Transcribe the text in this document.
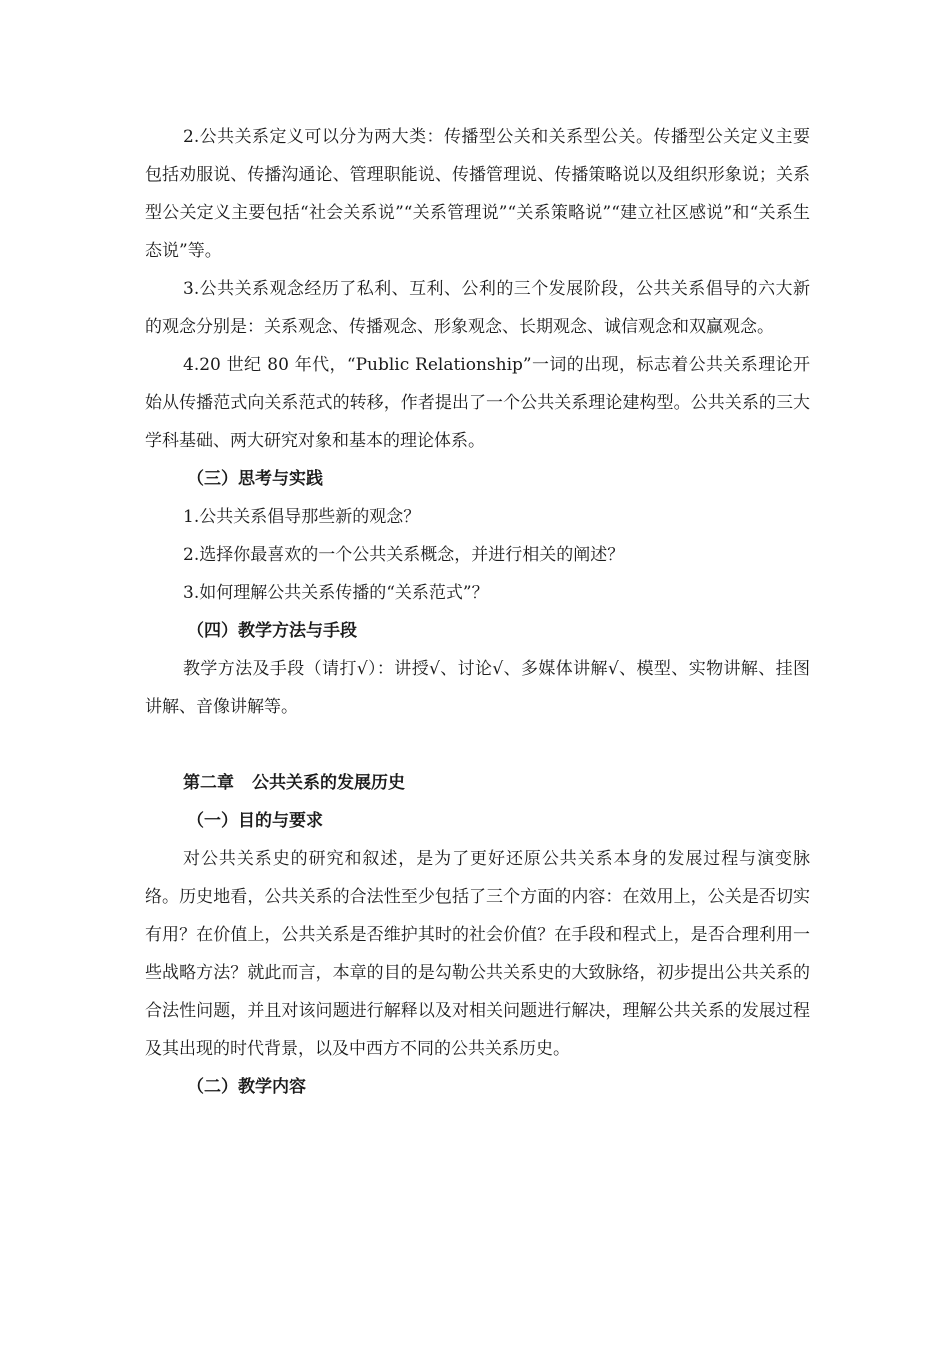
2.公共关系定义可以分为两大类：传播型公关和关系型公关。传播型公关定义主要包括劝服说、传播沟通论、管理职能说、传播管理说、传播策略说以及组织形象说；关系型公关定义主要包括“社会关系说”“关系管理说”“关系策略说”“建立社区感说”和“关系生态说”等。

3.公共关系观念经历了私利、互利、公利的三个发展阶段，公共关系倡导的六大新的观念分别是：关系观念、传播观念、形象观念、长期观念、诚信观念和双赢观念。

4.20 世纪 80 年代，“Public Relationship”一词的出现，标志着公共关系理论开始从传播范式向关系范式的转移，作者提出了一个公共关系理论建构型。公共关系的三大学科基础、两大研究对象和基本的理论体系。

（三）思考与实践

1.公共关系倡导那些新的观念？

2.选择你最喜欢的一个公共关系概念，并进行相关的阐述？

3.如何理解公共关系传播的“关系范式”？

（四）教学方法与手段

教学方法及手段（请打√）：讲授√、讨论√、多媒体讲解√、模型、实物讲解、挂图讲解、音像讲解等。

第二章 公共关系的发展历史
（一）目的与要求

对公共关系史的研究和叙述，是为了更好还原公共关系本身的发展过程与演变脉络。历史地看，公共关系的合法性至少包括了三个方面的内容：在效用上，公关是否切实有用？在价值上，公共关系是否维护其时的社会价值？在手段和程式上，是否合理利用一些战略方法？就此而言，本章的目的是勾勒公共关系史的大致脉络，初步提出公共关系的合法性问题，并且对该问题进行解释以及对相关问题进行解决，理解公共关系的发展过程及其出现的时代背景，以及中西方不同的公共关系历史。

（二）教学内容
